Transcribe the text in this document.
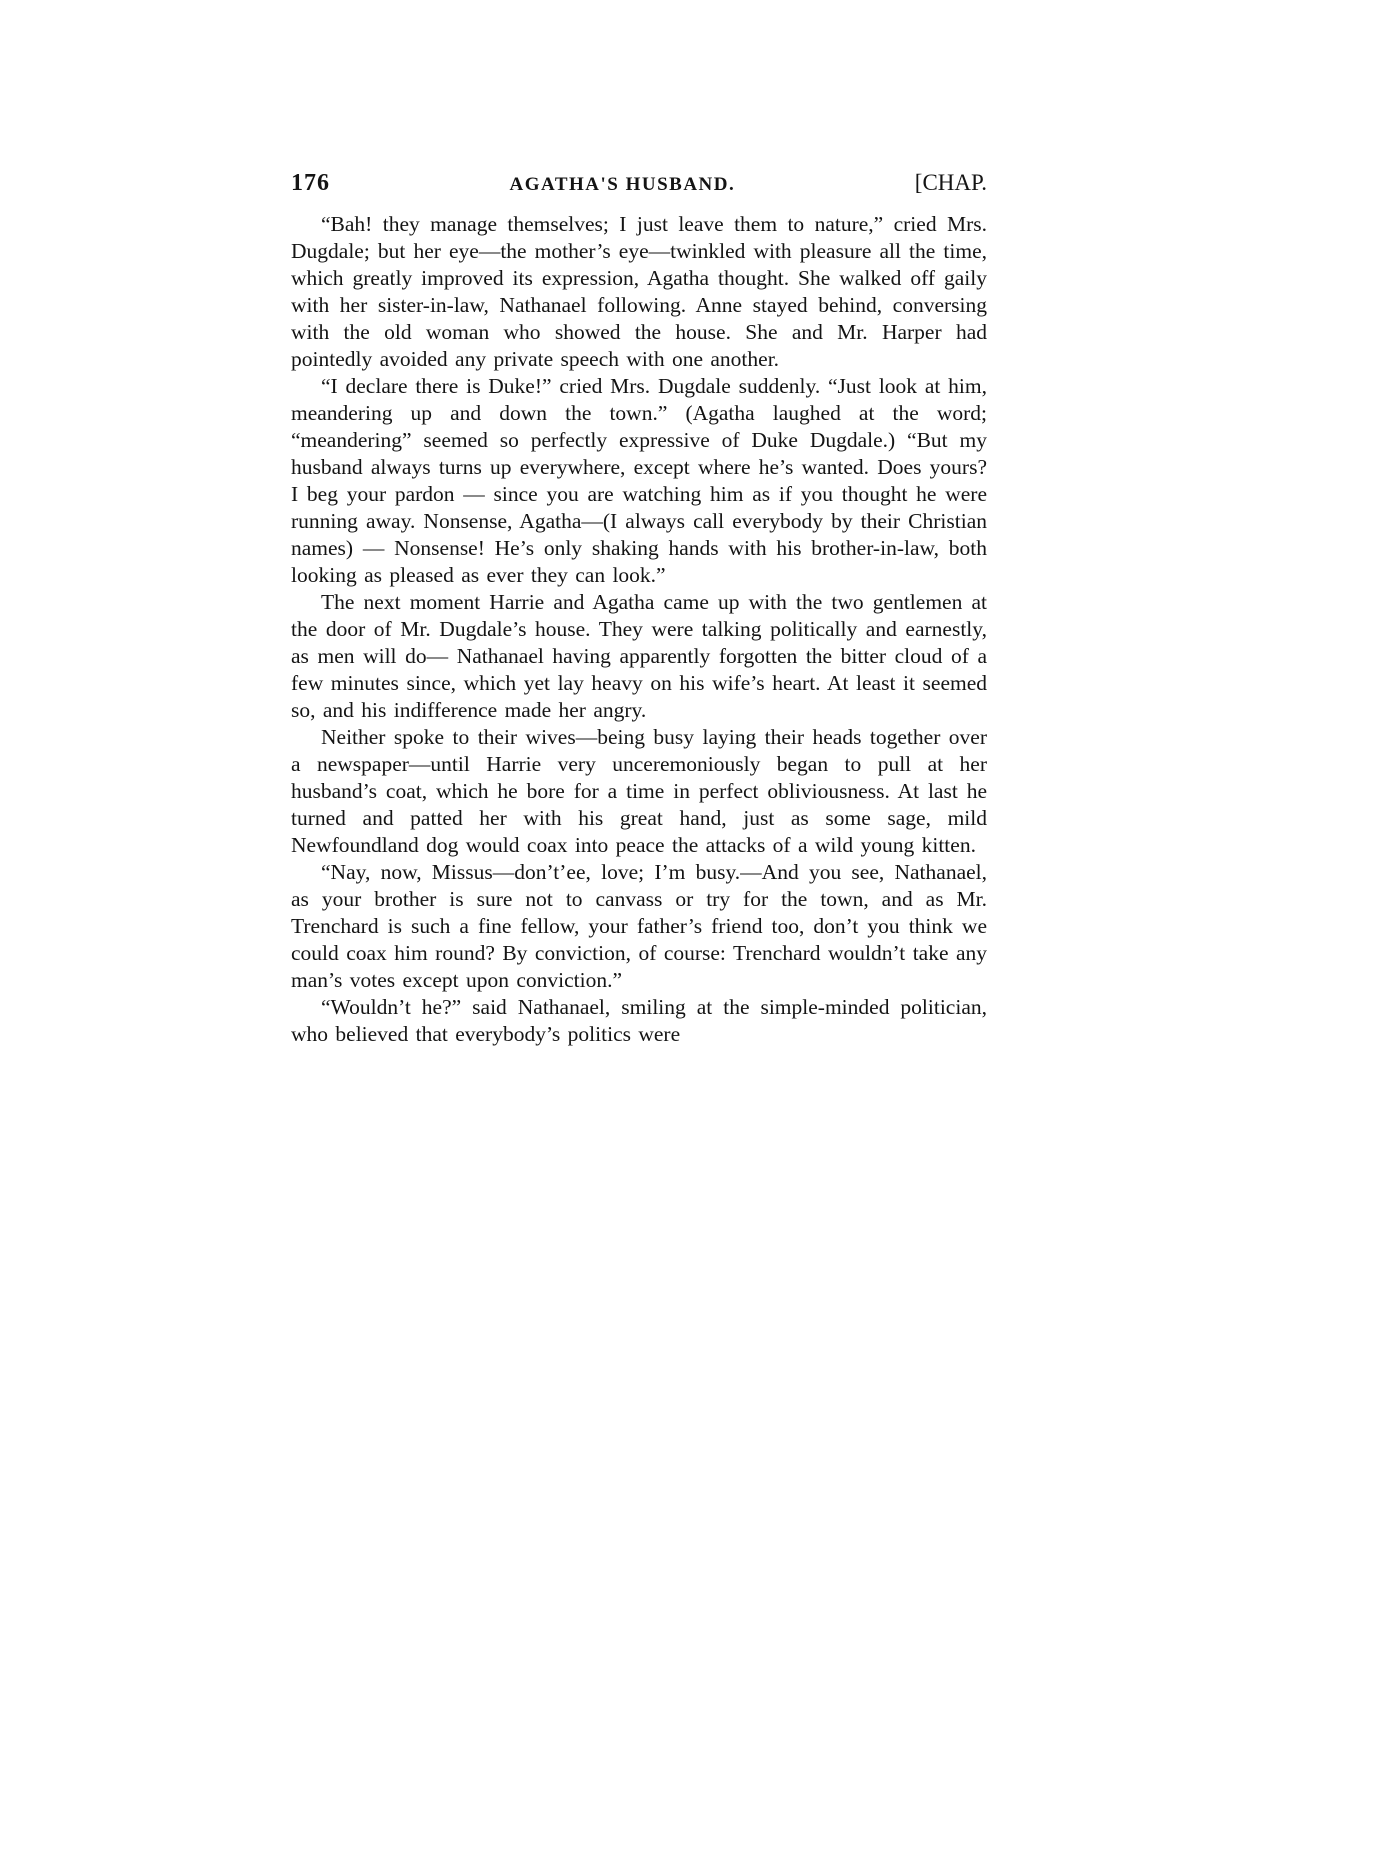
176	AGATHA'S HUSBAND.	[CHAP.

“Bah! they manage themselves; I just leave them to nature,” cried Mrs. Dugdale; but her eye—the mother’s eye—twinkled with pleasure all the time, which greatly improved its expression, Agatha thought. She walked off gaily with her sister-in-law, Nathanael following. Anne stayed behind, conversing with the old woman who showed the house. She and Mr. Harper had pointedly avoided any private speech with one another.

“I declare there is Duke!” cried Mrs. Dugdale suddenly. “Just look at him, meandering up and down the town.” (Agatha laughed at the word; “meandering” seemed so perfectly expressive of Duke Dugdale.) “But my husband always turns up everywhere, except where he’s wanted. Does yours? I beg your pardon — since you are watching him as if you thought he were running away. Nonsense, Agatha—(I always call everybody by their Christian names) — Nonsense! He’s only shaking hands with his brother-in-law, both looking as pleased as ever they can look.”

The next moment Harrie and Agatha came up with the two gentlemen at the door of Mr. Dugdale’s house. They were talking politically and earnestly, as men will do— Nathanael having apparently forgotten the bitter cloud of a few minutes since, which yet lay heavy on his wife’s heart. At least it seemed so, and his indifference made her angry.

Neither spoke to their wives—being busy laying their heads together over a newspaper—until Harrie very unceremoniously began to pull at her husband’s coat, which he bore for a time in perfect obliviousness. At last he turned and patted her with his great hand, just as some sage, mild Newfoundland dog would coax into peace the attacks of a wild young kitten.

“Nay, now, Missus—don’t’ee, love; I’m busy.—And you see, Nathanael, as your brother is sure not to canvass or try for the town, and as Mr. Trenchard is such a fine fellow, your father’s friend too, don’t you think we could coax him round? By conviction, of course: Trenchard wouldn’t take any man’s votes except upon conviction.”

“Wouldn’t he?” said Nathanael, smiling at the simple-minded politician, who believed that everybody’s politics were
